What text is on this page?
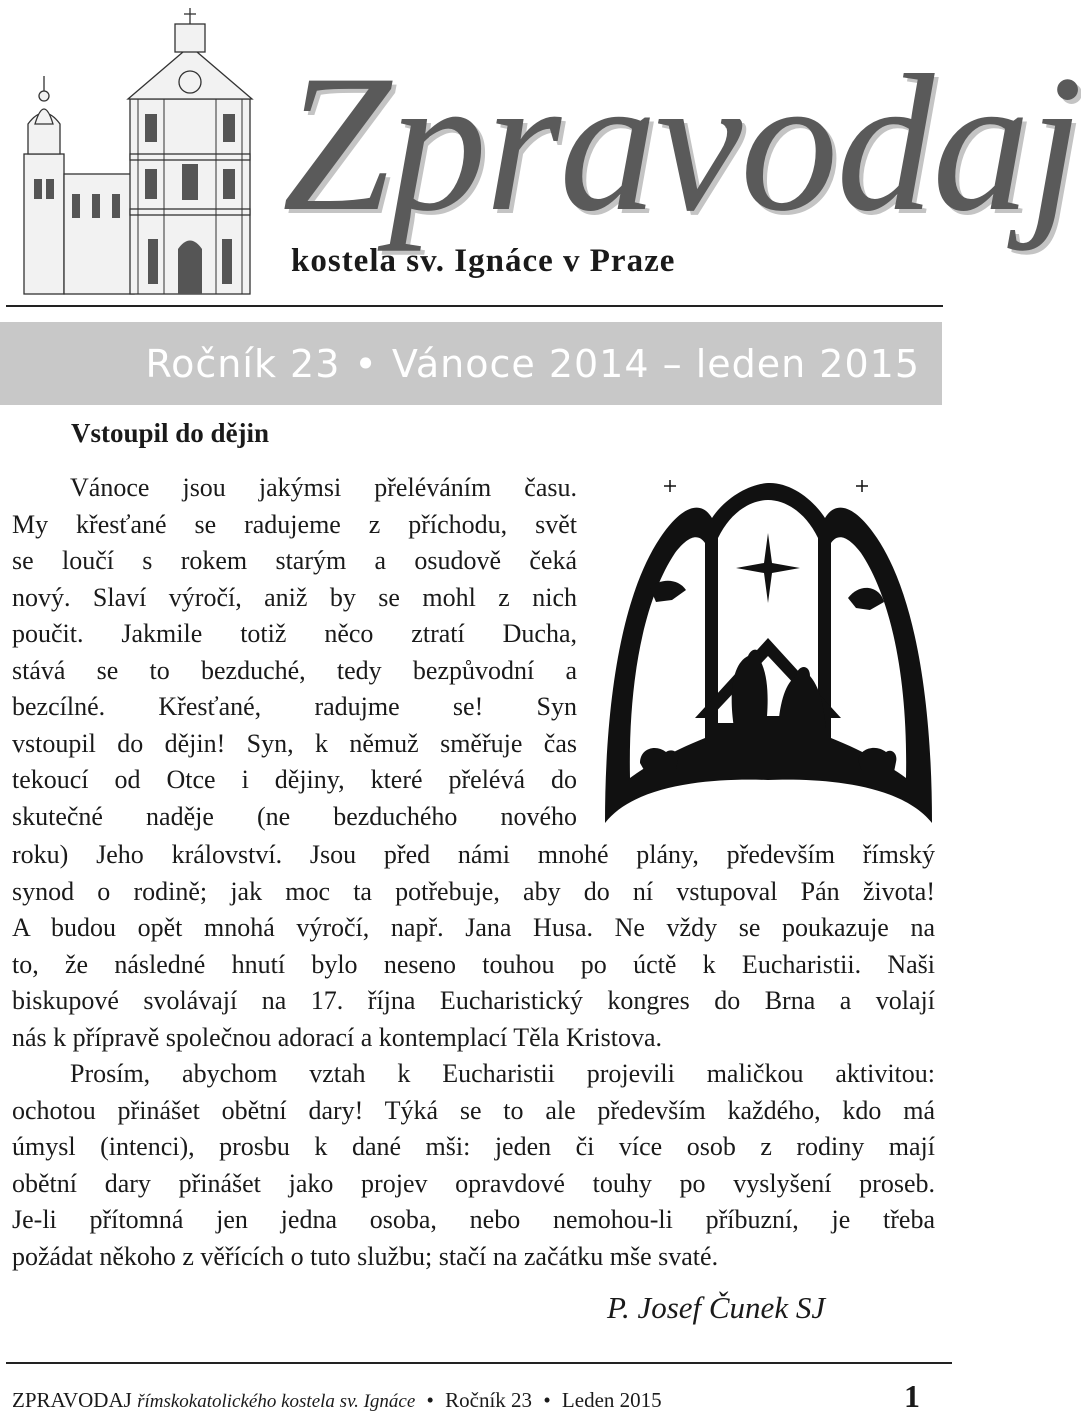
Zpravodaj
kostela sv. Ignáce v Praze
Ročník 23 • Vánoce 2014 – leden 2015
Vstoupil do dějin
Vánoce jsou jakýmsi přeléváním času.
My křesťané se radujeme z příchodu, svět
se loučí s rokem starým a osudově čeká
nový. Slaví výročí, aniž by se mohl z nich
poučit. Jakmile totiž něco ztratí Ducha,
stává se to bezduché, tedy bezpůvodní a
bezcílné. Křesťané, radujme se! Syn
vstoupil do dějin! Syn, k němuž směřuje čas
tekoucí od Otce i dějiny, které přelévá do
skutečné naděje (ne bezduchého nového
roku) Jeho království. Jsou před námi mnohé plány, především římský
synod o rodině; jak moc ta potřebuje, aby do ní vstupoval Pán života!
A budou opět mnohá výročí, např. Jana Husa. Ne vždy se poukazuje na
to, že následné hnutí bylo neseno touhou po úctě k Eucharistii. Naši
biskupové svolávají na 17. října Eucharistický kongres do Brna a volají
nás k přípravě společnou adorací a kontemplací Těla Kristova.
Prosím, abychom vztah k Eucharistii projevili maličkou aktivitou:
ochotou přinášet obětní dary! Týká se to ale především každého, kdo má
úmysl (intenci), prosbu k dané mši: jeden či více osob z rodiny mají
obětní dary přinášet jako projev opravdové touhy po vyslyšení proseb.
Je-li přítomná jen jedna osoba, nebo nemohou-li příbuzní, je třeba
požádat někoho z věřících o tuto službu; stačí na začátku mše svaté.
P. Josef Čunek SJ
ZPRAVODAJ římskokatolického kostela sv. Ignáce • Ročník 23 • Leden 2015	1
